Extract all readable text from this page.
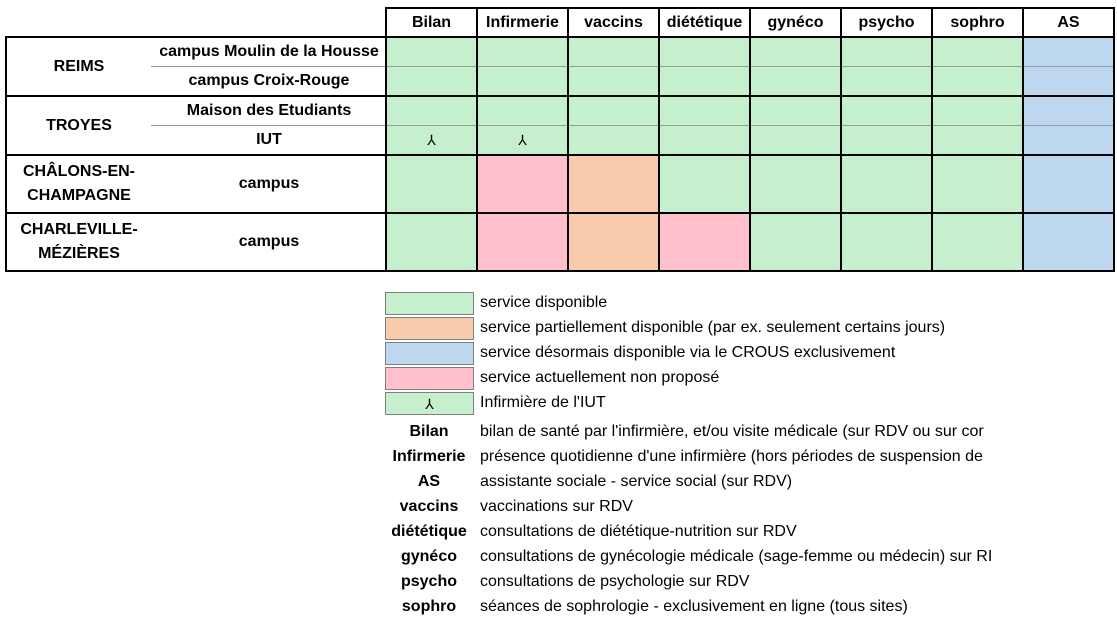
		Bilan	Infirmerie	vaccins	diététique	gynéco	psycho	sophro	AS
REIMS	campus Moulin de la Housse								
	campus Croix-Rouge								
TROYES	Maison des Etudiants								
	IUT	⅄	⅄						
CHÂLONS-EN-CHAMPAGNE	campus								
CHARLEVILLE-MÉZIÈRES	campus								
service disponible
service partiellement disponible (par ex. seulement certains jours)
service désormais disponible via le CROUS exclusivement
service actuellement non proposé
⅄	Infirmière de l'IUT
Bilan	bilan de santé par l'infirmière, et/ou visite médicale (sur RDV ou sur cor
Infirmerie présence quotidienne d'une infirmière (hors périodes de suspension de
AS	assistante sociale - service social (sur RDV)
vaccins	vaccinations sur RDV
diététique consultations de diététique-nutrition sur RDV
gynéco	consultations de gynécologie médicale (sage-femme ou médecin) sur RI
psycho	consultations de psychologie sur RDV
sophro	séances de sophrologie - exclusivement en ligne (tous sites)
